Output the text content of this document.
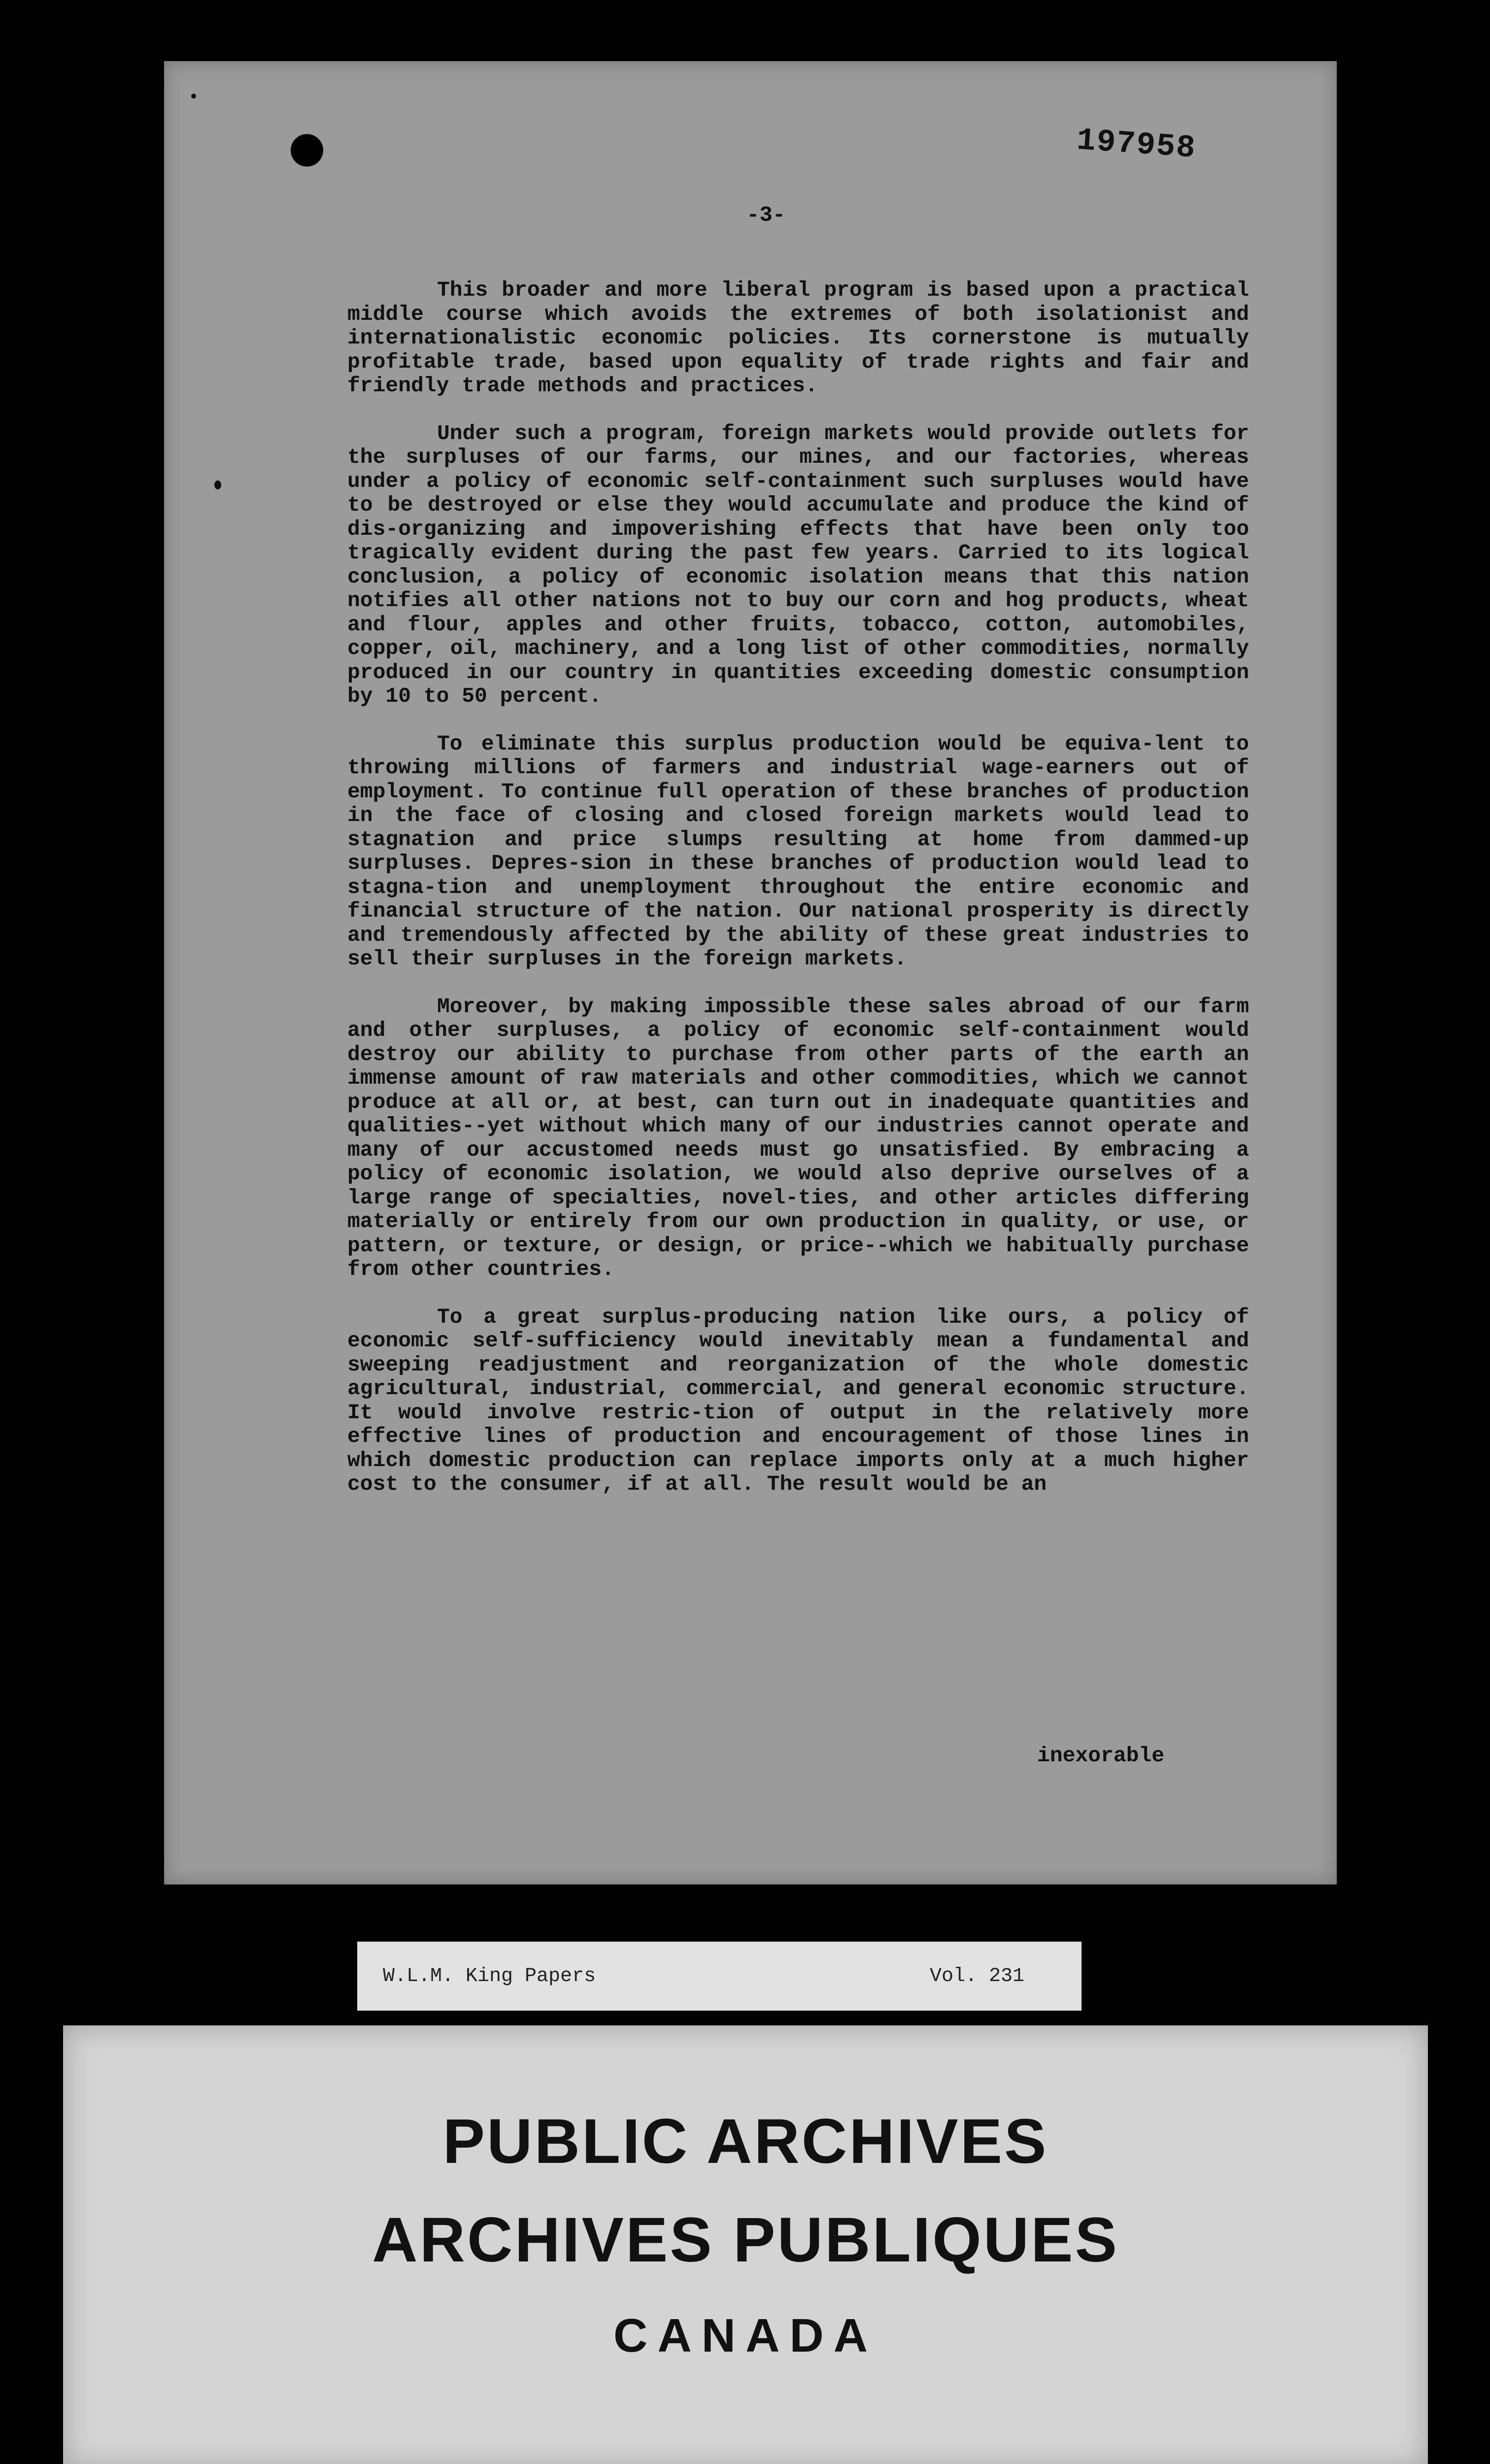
197958
-3-

This broader and more liberal program is based upon a practical middle course which avoids the extremes of both isolationist and internationalistic economic policies. Its cornerstone is mutually profitable trade, based upon equality of trade rights and fair and friendly trade methods and practices.

Under such a program, foreign markets would provide outlets for the surpluses of our farms, our mines, and our factories, whereas under a policy of economic self-containment such surpluses would have to be destroyed or else they would accumulate and produce the kind of dis-organizing and impoverishing effects that have been only too tragically evident during the past few years. Carried to its logical conclusion, a policy of economic isolation means that this nation notifies all other nations not to buy our corn and hog products, wheat and flour, apples and other fruits, tobacco, cotton, automobiles, copper, oil, machinery, and a long list of other commodities, normally produced in our country in quantities exceeding domestic consumption by 10 to 50 percent.

To eliminate this surplus production would be equiva-lent to throwing millions of farmers and industrial wage-earners out of employment. To continue full operation of these branches of production in the face of closing and closed foreign markets would lead to stagnation and price slumps resulting at home from dammed-up surpluses. Depres-sion in these branches of production would lead to stagna-tion and unemployment throughout the entire economic and financial structure of the nation. Our national prosperity is directly and tremendously affected by the ability of these great industries to sell their surpluses in the foreign markets.

Moreover, by making impossible these sales abroad of our farm and other surpluses, a policy of economic self-containment would destroy our ability to purchase from other parts of the earth an immense amount of raw materials and other commodities, which we cannot produce at all or, at best, can turn out in inadequate quantities and qualities--yet without which many of our industries cannot operate and many of our accustomed needs must go unsatisfied. By embracing a policy of economic isolation, we would also deprive ourselves of a large range of specialties, novel-ties, and other articles differing materially or entirely from our own production in quality, or use, or pattern, or texture, or design, or price--which we habitually purchase from other countries.

To a great surplus-producing nation like ours, a policy of economic self-sufficiency would inevitably mean a fundamental and sweeping readjustment and reorganization of the whole domestic agricultural, industrial, commercial, and general economic structure. It would involve restric-tion of output in the relatively more effective lines of production and encouragement of those lines in which domestic production can replace imports only at a much higher cost to the consumer, if at all. The result would be an

inexorable
W.L.M. King Papers	Vol. 231
PUBLIC ARCHIVES
ARCHIVES PUBLIQUES
CANADA
